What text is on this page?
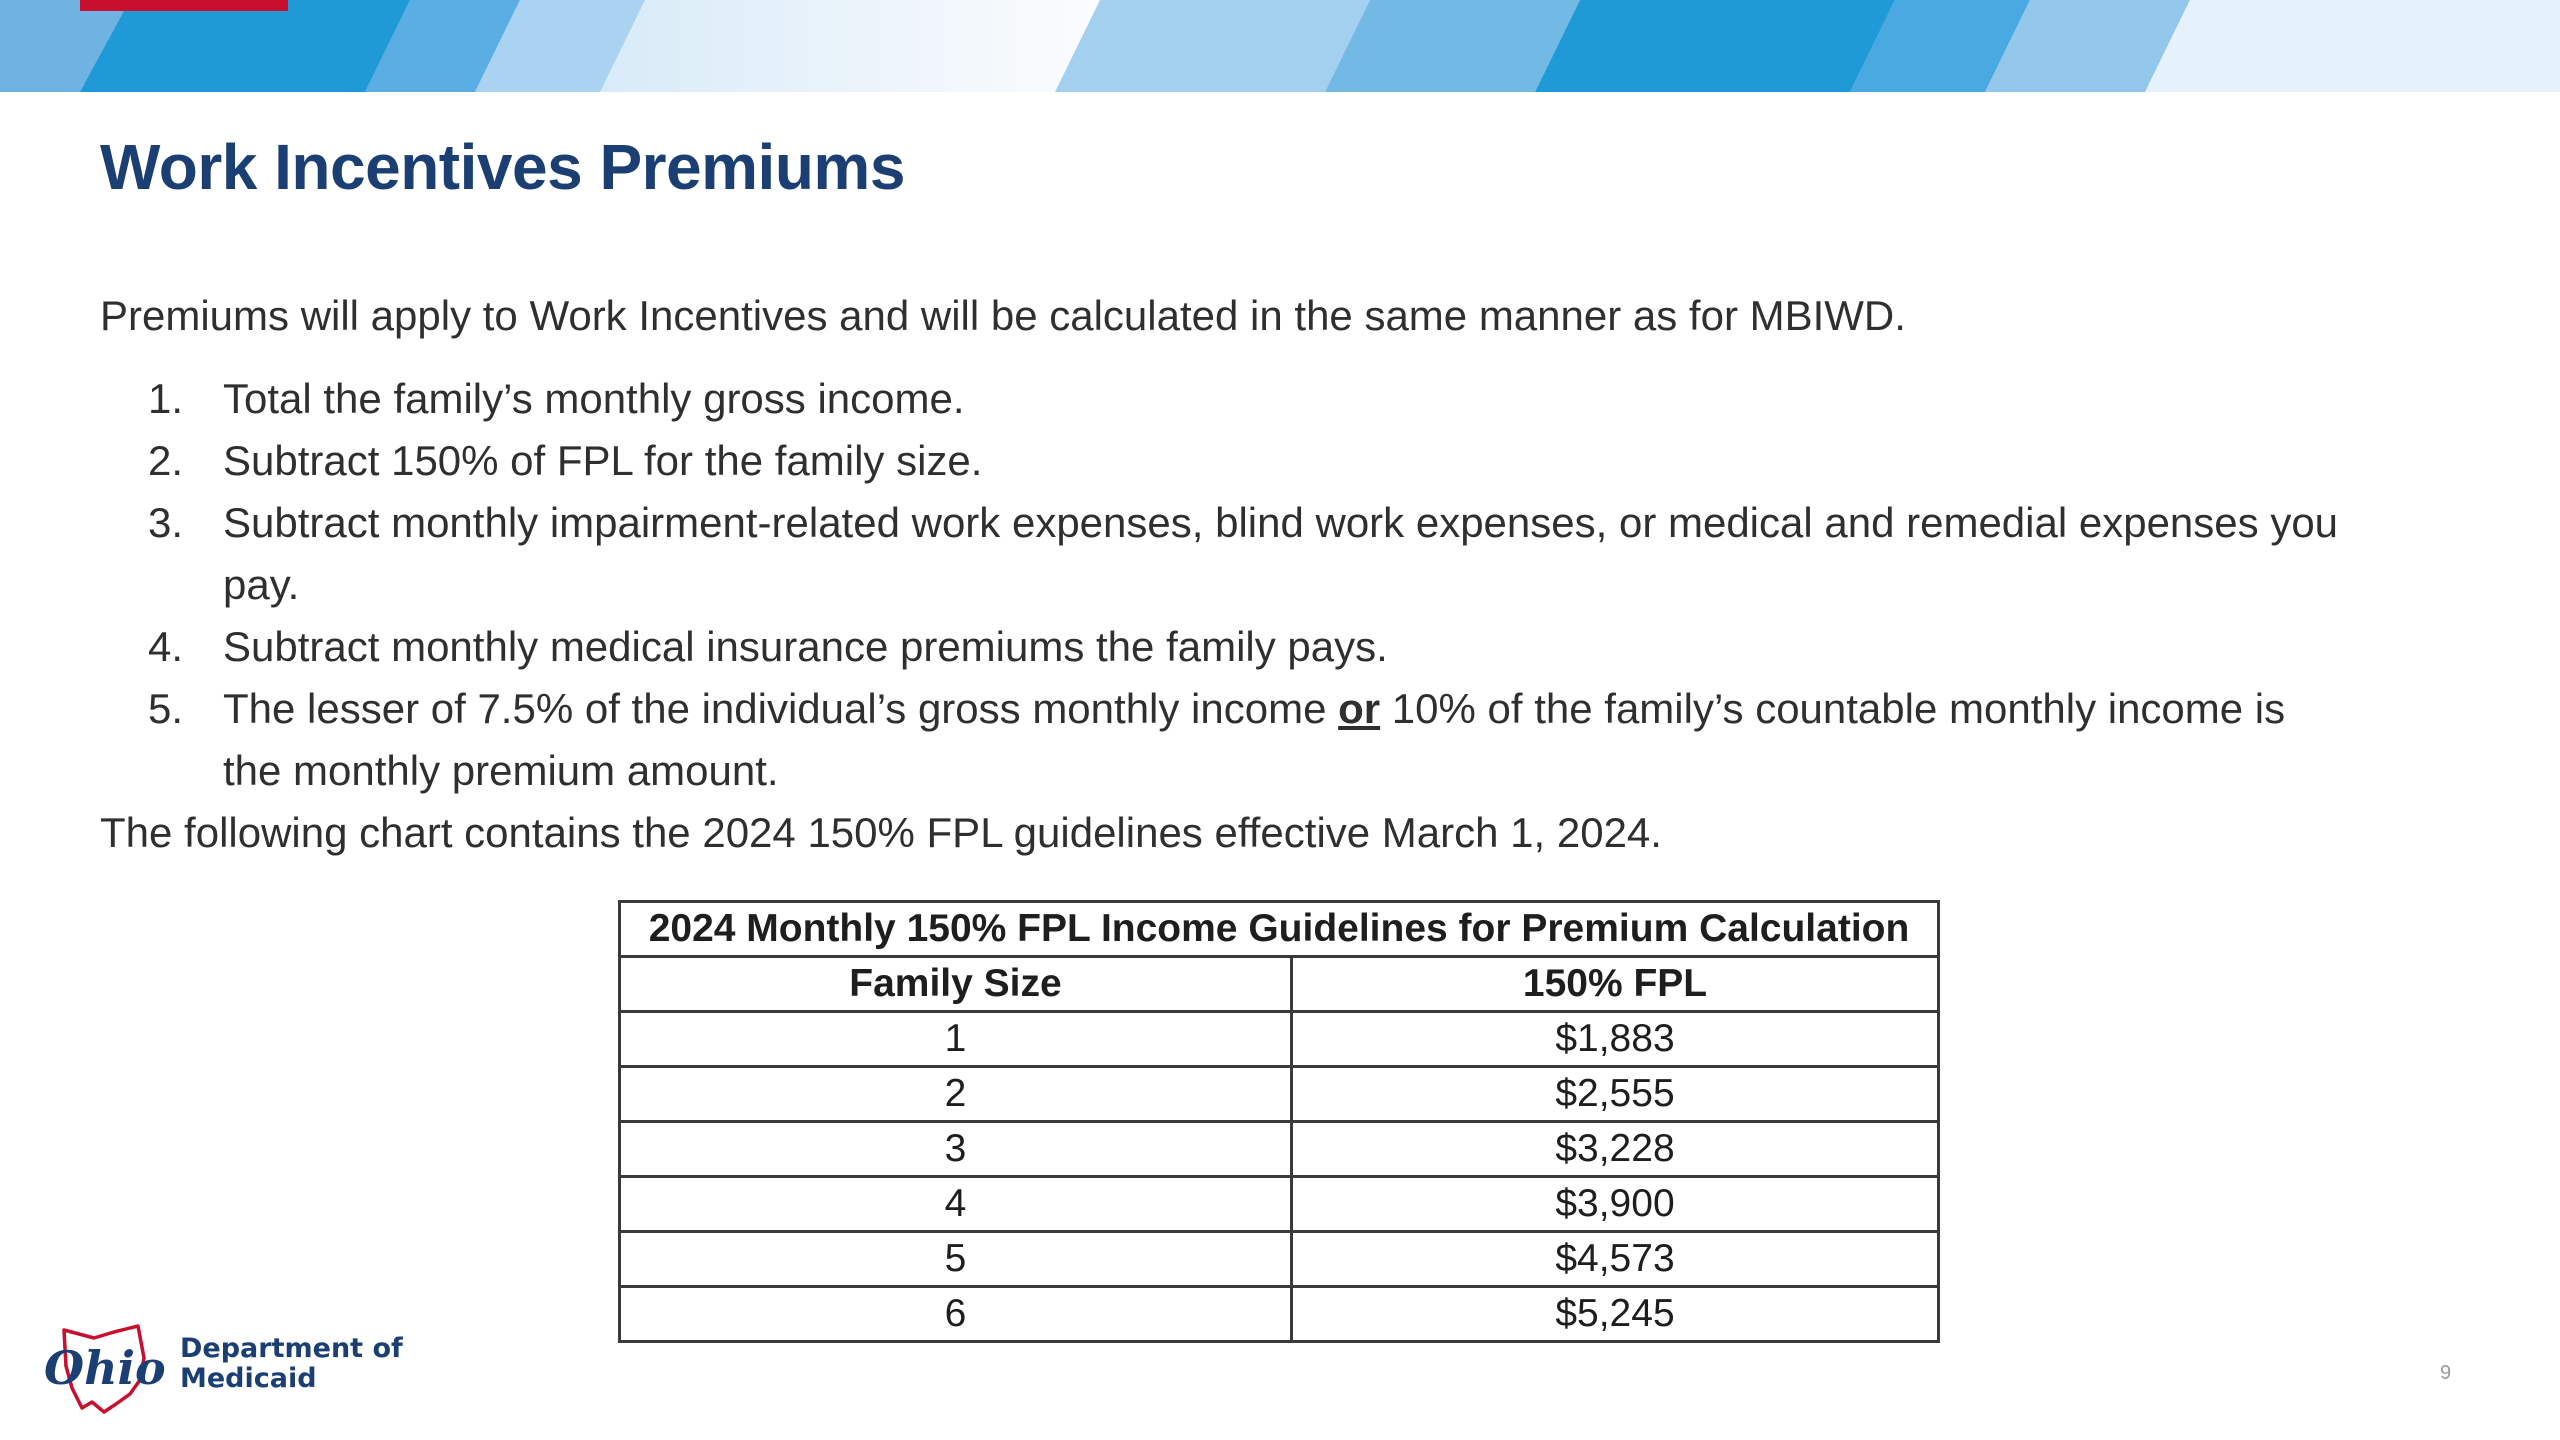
Work Incentives Premiums

Premiums will apply to Work Incentives and will be calculated in the same manner as for MBIWD.

1. Total the family’s monthly gross income.
2. Subtract 150% of FPL for the family size.
3. Subtract monthly impairment-related work expenses, blind work expenses, or medical and remedial expenses you pay.
4. Subtract monthly medical insurance premiums the family pays.
5. The lesser of 7.5% of the individual’s gross monthly income or 10% of the family’s countable monthly income is the monthly premium amount.

The following chart contains the 2024 150% FPL guidelines effective March 1, 2024.

2024 Monthly 150% FPL Income Guidelines for Premium Calculation	
Family Size	150% FPL
1	$1,883
2	$2,555
3	$3,228
4	$3,900
5	$4,573
6	$5,245
Ohio Department of
Medicaid	9
